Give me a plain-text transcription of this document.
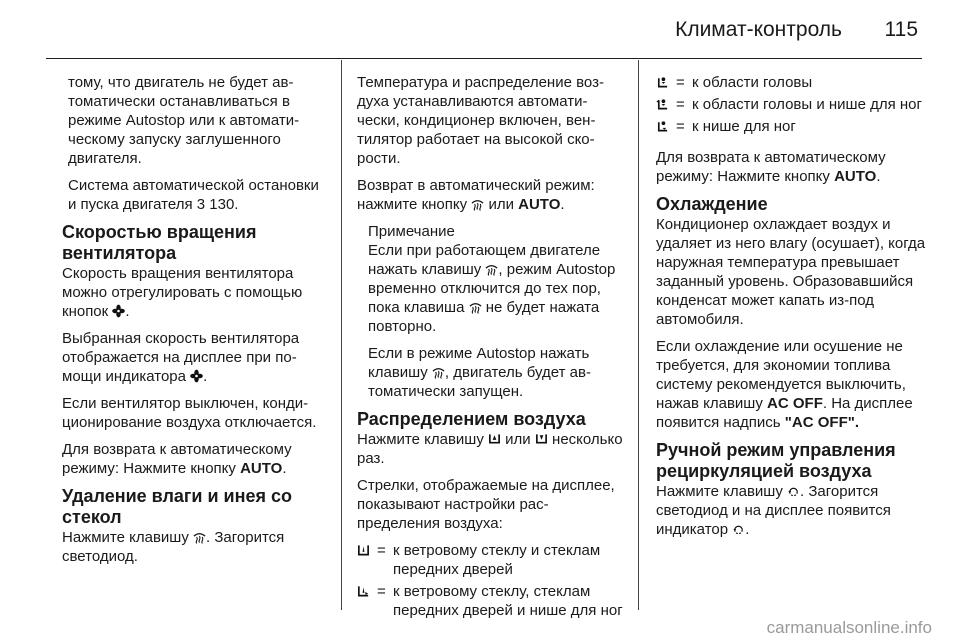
Климат-контроль 115

тому, что двигатель не будет автоматически останавливаться в режиме Autostop или к автоматическому запуску заглушенного двигателя.

Система автоматической остановки и пуска двигателя 3 130.

Скоростью вращения вентилятора

Скорость вращения вентилятора можно отрегулировать с помощью кнопок .

Выбранная скорость вентилятора отображается на дисплее при помощи индикатора .

Если вентилятор выключен, кондиционирование воздуха отключается.

Для возврата к автоматическому режиму: Нажмите кнопку AUTO.

Удаление влаги и инея со стекол

Нажмите клавишу . Загорится светодиод.

Температура и распределение воздуха устанавливаются автоматически, кондиционер включен, вентилятор работает на высокой скорости.

Возврат в автоматический режим: нажмите кнопку или AUTO.

Примечание

Если при работающем двигателе нажать клавишу , режим Autostop временно отключится до тех пор, пока клавиша не будет нажата повторно.

Если в режиме Autostop нажать клавишу , двигатель будет автоматически запущен.

Распределением воздуха

Нажмите клавишу или несколько раз.

Стрелки, отображаемые на дисплее, показывают настройки распределения воздуха:

= к ветровому стеклу и стеклам передних дверей
= к ветровому стеклу, стеклам передних дверей и нише для ног
= к области головы
= к области головы и нише для ног
= к нише для ног

Для возврата к автоматическому режиму: Нажмите кнопку AUTO.

Охлаждение

Кондиционер охлаждает воздух и удаляет из него влагу (осушает), когда наружная температура превышает заданный уровень. Образовавшийся конденсат может капать из-под автомобиля.

Если охлаждение или осушение не требуется, для экономии топлива систему рекомендуется выключить, нажав клавишу AC OFF. На дисплее появится надпись "AC OFF".

Ручной режим управления рециркуляцией воздуха

Нажмите клавишу . Загорится светодиод и на дисплее появится индикатор .

carmanualsonline.info
